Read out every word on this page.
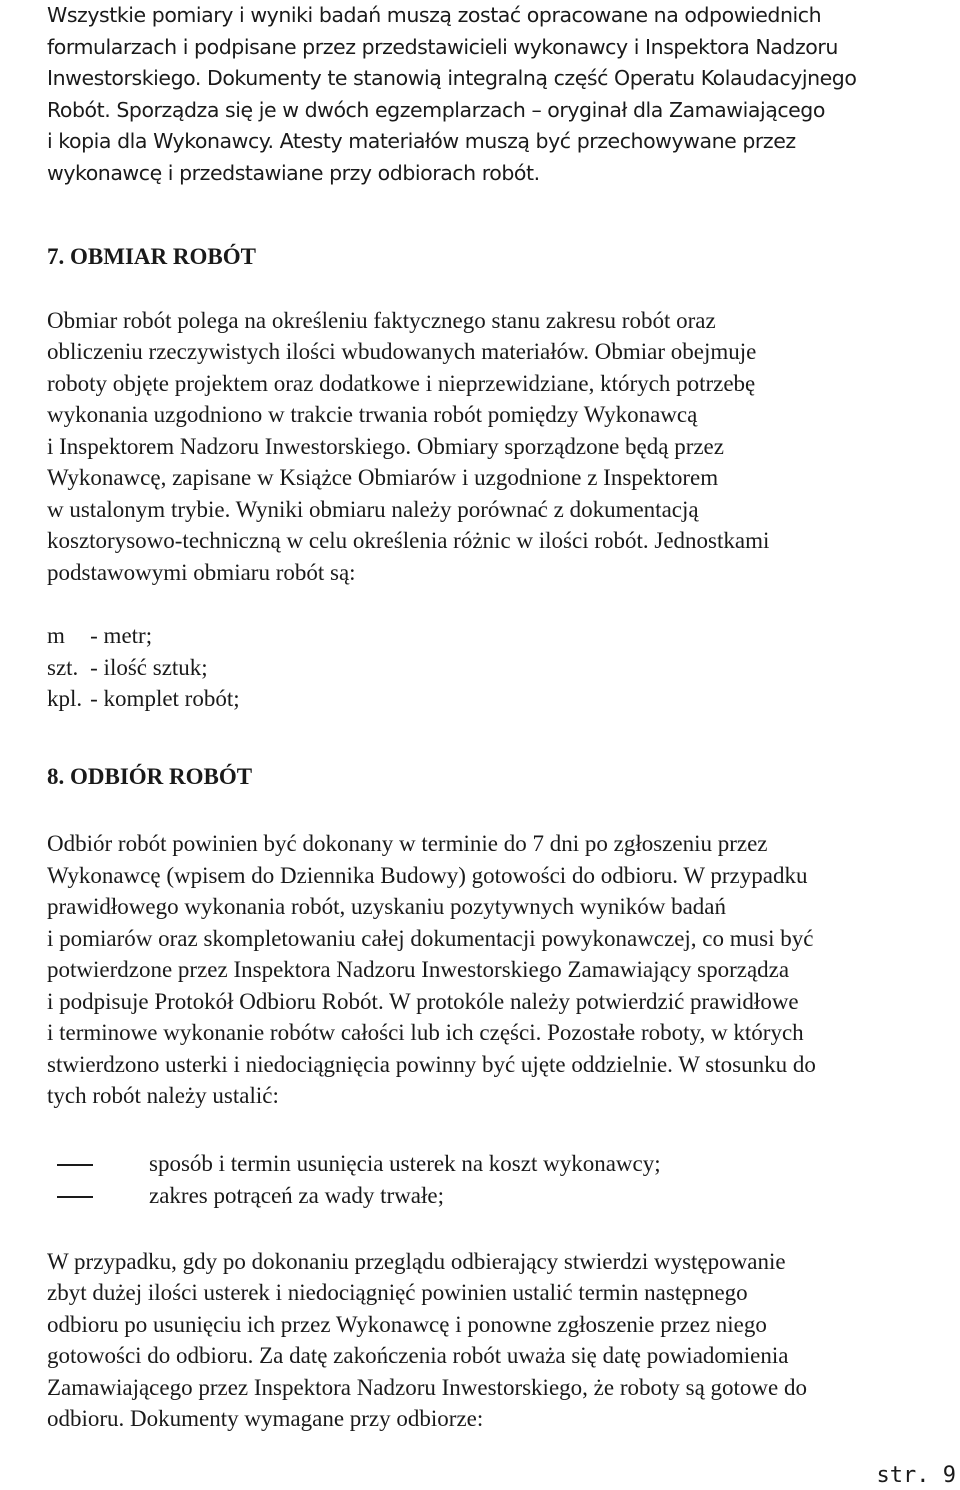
Wszystkie pomiary i wyniki badań muszą zostać opracowane na odpowiednich
formularzach i podpisane przez przedstawicieli wykonawcy i Inspektora Nadzoru
Inwestorskiego. Dokumenty te stanowią integralną część Operatu Kolaudacyjnego
Robót. Sporządza się je w dwóch egzemplarzach – oryginał dla Zamawiającego
i kopia dla Wykonawcy. Atesty materiałów muszą być przechowywane przez
wykonawcę i przedstawiane przy odbiorach robót.
7. OBMIAR ROBÓT
Obmiar robót polega na określeniu faktycznego stanu zakresu robót oraz
obliczeniu rzeczywistych ilości wbudowanych materiałów. Obmiar obejmuje
roboty objęte projektem oraz dodatkowe i nieprzewidziane, których potrzebę
wykonania uzgodniono w trakcie trwania robót pomiędzy Wykonawcą
i Inspektorem Nadzoru Inwestorskiego. Obmiary sporządzone będą przez
Wykonawcę, zapisane w Książce Obmiarów i uzgodnione z Inspektorem
w ustalonym trybie. Wyniki obmiaru należy porównać z dokumentacją
kosztorysowo-techniczną w celu określenia różnic w ilości robót. Jednostkami
podstawowymi obmiaru robót są:
m	- metr;
szt.	- ilość sztuk;
kpl.	- komplet robót;
8. ODBIÓR ROBÓT
Odbiór robót powinien być dokonany w terminie do 7 dni po zgłoszeniu przez
Wykonawcę (wpisem do Dziennika Budowy) gotowości do odbioru. W przypadku
prawidłowego wykonania robót, uzyskaniu pozytywnych wyników badań
i pomiarów oraz skompletowaniu całej dokumentacji powykonawczej, co musi być
potwierdzone przez Inspektora Nadzoru Inwestorskiego Zamawiający sporządza
i podpisuje Protokół Odbioru Robót. W protokóle należy potwierdzić prawidłowe
i terminowe wykonanie robótw całości lub ich części. Pozostałe roboty, w których
stwierdzono usterki i niedociągnięcia powinny być ujęte oddzielnie. W stosunku do
tych robót należy ustalić:
sposób i termin usunięcia usterek na koszt wykonawcy;
zakres potrąceń za wady trwałe;
W przypadku, gdy po dokonaniu przeglądu odbierający stwierdzi występowanie
zbyt dużej ilości usterek i niedociągnięć powinien ustalić termin następnego
odbioru po usunięciu ich przez Wykonawcę i ponowne zgłoszenie przez niego
gotowości do odbioru. Za datę zakończenia robót uważa się datę powiadomienia
Zamawiającego przez Inspektora Nadzoru Inwestorskiego, że roboty są gotowe do
odbioru. Dokumenty wymagane przy odbiorze:
str. 9
